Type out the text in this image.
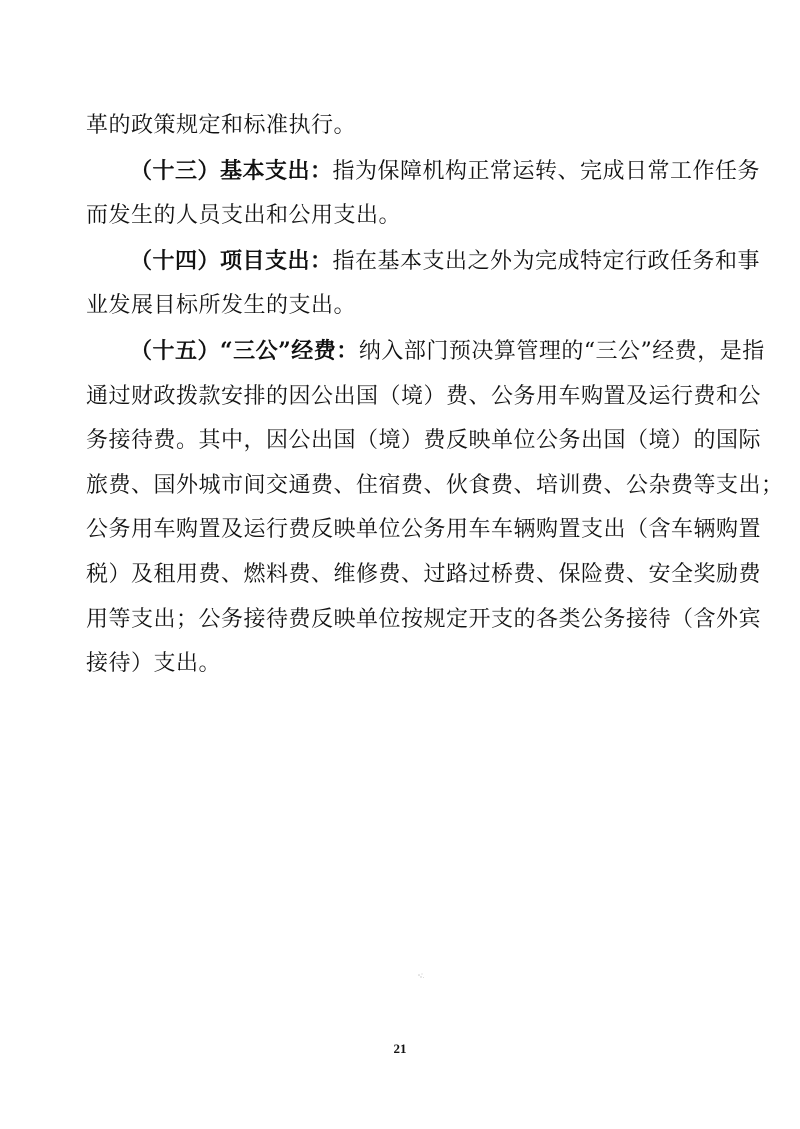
革的政策规定和标准执行。

（十三）基本支出：指为保障机构正常运转、完成日常工作任务
而发生的人员支出和公用支出。

（十四）项目支出：指在基本支出之外为完成特定行政任务和事
业发展目标所发生的支出。

（十五）“三公”经费：纳入部门预决算管理的“三公”经费，是指
通过财政拨款安排的因公出国（境）费、公务用车购置及运行费和公
务接待费。其中，因公出国（境）费反映单位公务出国（境）的国际
旅费、国外城市间交通费、住宿费、伙食费、培训费、公杂费等支出；
公务用车购置及运行费反映单位公务用车车辆购置支出（含车辆购置
税）及租用费、燃料费、维修费、过路过桥费、保险费、安全奖励费
用等支出；公务接待费反映单位按规定开支的各类公务接待（含外宾
接待）支出。

21
